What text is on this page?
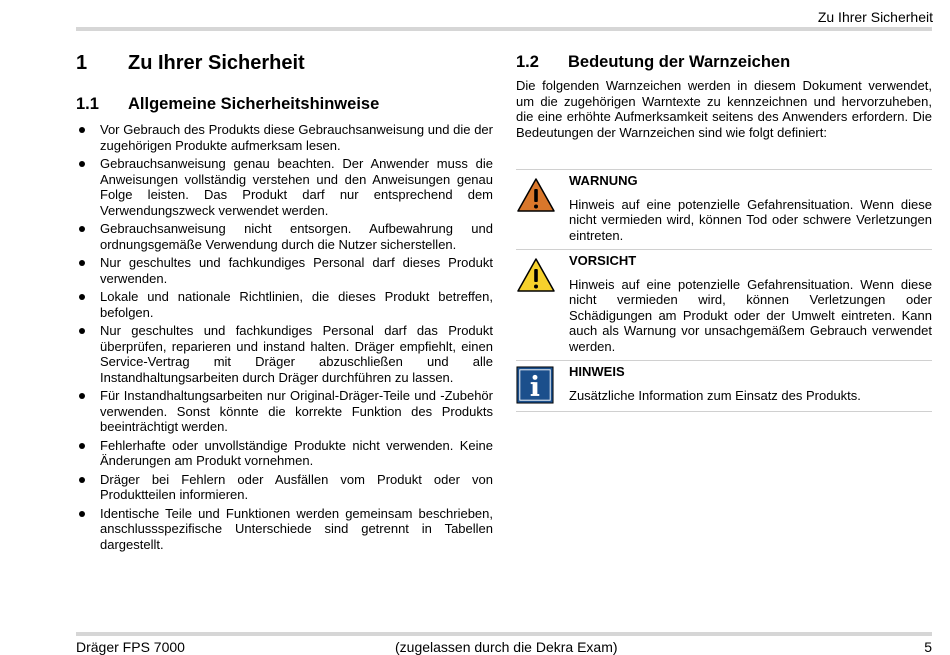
Zu Ihrer Sicherheit
1	Zu Ihrer Sicherheit
1.1	Allgemeine Sicherheitshinweise
Vor Gebrauch des Produkts diese Gebrauchsanweisung und die der zugehörigen Produkte aufmerksam lesen.
Gebrauchsanweisung genau beachten. Der Anwender muss die Anweisungen vollständig verstehen und den Anweisungen genau Folge leisten. Das Produkt darf nur entsprechend dem Verwendungszweck verwendet werden.
Gebrauchsanweisung nicht entsorgen. Aufbewahrung und ordnungsgemäße Verwendung durch die Nutzer sicherstellen.
Nur geschultes und fachkundiges Personal darf dieses Produkt verwenden.
Lokale und nationale Richtlinien, die dieses Produkt betreffen, befolgen.
Nur geschultes und fachkundiges Personal darf das Produkt überprüfen, reparieren und instand halten. Dräger empfiehlt, einen Service-Vertrag mit Dräger abzuschließen und alle Instandhaltungsarbeiten durch Dräger durchführen zu lassen.
Für Instandhaltungsarbeiten nur Original-Dräger-Teile und -Zubehör verwenden. Sonst könnte die korrekte Funktion des Produkts beeinträchtigt werden.
Fehlerhafte oder unvollständige Produkte nicht verwenden. Keine Änderungen am Produkt vornehmen.
Dräger bei Fehlern oder Ausfällen vom Produkt oder von Produktteilen informieren.
Identische Teile und Funktionen werden gemeinsam beschrieben, anschlussspezifische Unterschiede sind getrennt in Tabellen dargestellt.
1.2	Bedeutung der Warnzeichen
Die folgenden Warnzeichen werden in diesem Dokument verwendet, um die zugehörigen Warntexte zu kennzeichnen und hervorzuheben, die eine erhöhte Aufmerksamkeit seitens des Anwenders erfordern. Die Bedeutungen der Warnzeichen sind wie folgt definiert:
WARNUNG
Hinweis auf eine potenzielle Gefahrensituation. Wenn diese nicht vermieden wird, können Tod oder schwere Verletzungen eintreten.
VORSICHT
Hinweis auf eine potenzielle Gefahrensituation. Wenn diese nicht vermieden wird, können Verletzungen oder Schädigungen am Produkt oder der Umwelt eintreten. Kann auch als Warnung vor unsachgemäßem Gebrauch verwendet werden.
HINWEIS
Zusätzliche Information zum Einsatz des Produkts.
Dräger FPS 7000	(zugelassen durch die Dekra Exam)	5
